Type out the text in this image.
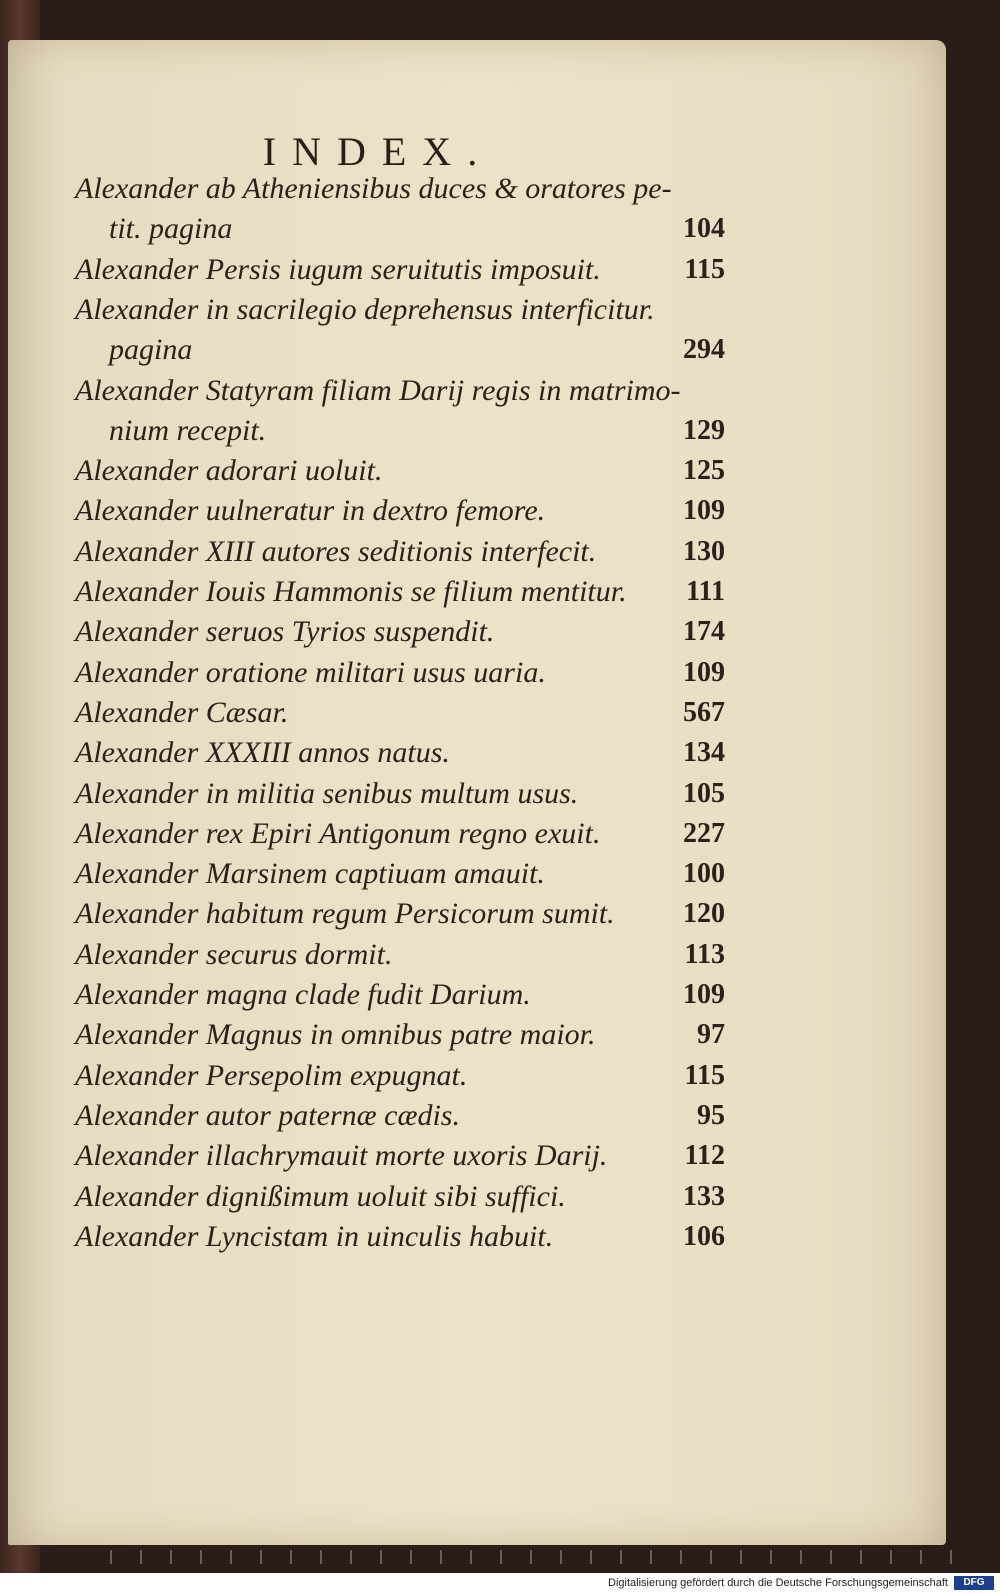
INDEX.
Alexander ab Atheniensibus duces & oratores pe-
tit. pagina	104
Alexander Persis iugum seruitutis imposuit.	115
Alexander in sacrilegio deprehensus interficitur.
pagina	294
Alexander Statyram filiam Darij regis in matrimo-
nium recepit.	129
Alexander adorari uoluit.	125
Alexander uulneratur in dextro femore.	109
Alexander XIII autores seditionis interfecit.	130
Alexander Iouis Hammonis se filium mentitur. 111
Alexander seruos Tyrios suspendit.	174
Alexander oratione militari usus uaria.	109
Alexander Cæsar.	567
Alexander XXXIII annos natus.	134
Alexander in militia senibus multum usus.	105
Alexander rex Epiri Antigonum regno exuit.	227
Alexander Marsinem captiuam amauit.	100
Alexander habitum regum Persicorum sumit. 120
Alexander securus dormit.	113
Alexander magna clade fudit Darium.	109
Alexander Magnus in omnibus patre maior.	97
Alexander Persepolim expugnat.	115
Alexander autor paternæ cædis.	95
Alexander illachrymauit morte uxoris Darij.	112
Alexander dignißimum uoluit sibi suffici.	133
Alexander Lyncistam in uinculis habuit.	106
Digitalisierung gefördert durch die Deutsche Forschungsgemeinschaft	DFG
